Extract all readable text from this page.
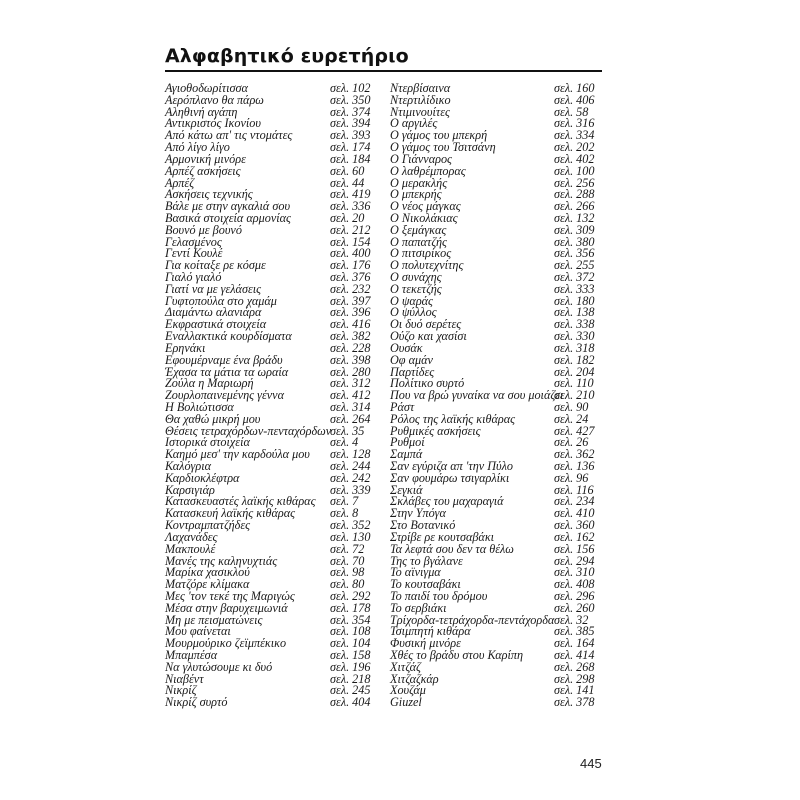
Αλφαβητικό ευρετήριο
Αγιοθοδωρίτισσα	σελ. 102
Αερόπλανο θα πάρω	σελ. 350
Αληθινή αγάπη	σελ. 374
Αντικριστός Ικονίου	σελ. 394
Από κάτω απ' τις ντομάτες	σελ. 393
Από λίγο λίγο	σελ. 174
Αρμονική μινόρε	σελ. 184
Αρπέζ ασκήσεις	σελ. 60
Αρπέζ	σελ. 44
Ασκήσεις τεχνικής	σελ. 419
Βάλε με στην αγκαλιά σου	σελ. 336
Βασικά στοιχεία αρμονίας	σελ. 20
Βουνό με βουνό	σελ. 212
Γελασμένος	σελ. 154
Γεντί Κουλέ	σελ. 400
Για κοίταξε ρε κόσμε	σελ. 176
Γιαλό γιαλό	σελ. 376
Γιατί να με γελάσεις	σελ. 232
Γυφτοπούλα στο χαμάμ	σελ. 397
Διαμάντω αλανιάρα	σελ. 396
Εκφραστικά στοιχεία	σελ. 416
Εναλλακτικά κουρδίσματα	σελ. 382
Ερηνάκι	σελ. 228
Εφουμέρναμε ένα βράδυ	σελ. 398
Έχασα τα μάτια τα ωραία	σελ. 280
Ζούλα η Μαριωρή	σελ. 312
Ζουρλοπαινεμένης γέννα	σελ. 412
Η Βολιώτισσα	σελ. 314
Θα χαθώ μικρή μου	σελ. 264
Θέσεις τετραχόρδων-πενταχόρδων
σελ. 35
Ιστορικά στοιχεία	σελ. 4
Καημό μεσ' την καρδούλα μου σελ. 128
Καλόγρια	σελ. 244
Καρδιοκλέφτρα	σελ. 242
Καρσιγιάρ	σελ. 339
Κατασκευαστές λαϊκής κιθάρας σελ. 7
Κατασκευή λαϊκής κιθάρας	σελ. 8
Κοντραμπατζήδες	σελ. 352
Λαχανάδες	σελ. 130
Μακπουλέ	σελ. 72
Μανές της καληνυχτιάς	σελ. 70
Μαρίκα χασικλού	σελ. 98
Ματζόρε κλίμακα	σελ. 80
Μες 'τον τεκέ της Μαριγώς	σελ. 292
Μέσα στην βαρυχειμωνιά	σελ. 178
Μη με πεισματώνεις	σελ. 354
Μου φαίνεται	σελ. 108
Μουρμούρικο ζεϊμπέκικο	σελ. 104
Μπαμπέσα	σελ. 158
Να γλυτώσουμε κι δυό	σελ. 196
Νιαβέντ	σελ. 218
Νικρίζ	σελ. 245
Νικρίζ συρτό	σελ. 404
Ντερβίσαινα	σελ. 160
Ντερτιλίδικο	σελ. 406
Ντιμινουίτες	σελ. 58
Ο αργιλές	σελ. 316
Ο γάμος του μπεκρή	σελ. 334
Ο γάμος του Τσιτσάνη	σελ. 202
Ο Γιάνναρος	σελ. 402
Ο λαθρέμπορας	σελ. 100
Ο μερακλής	σελ. 256
Ο μπεκρής	σελ. 288
Ο νέος μάγκας	σελ. 266
Ο Νικολάκιας	σελ. 132
Ο ξεμάγκας	σελ. 309
Ο παπατζής	σελ. 380
Ο πιτσιρίκος	σελ. 356
Ο πολυτεχνίτης	σελ. 255
Ο συνάχης	σελ. 372
Ο τεκετζής	σελ. 333
Ο ψαράς	σελ. 180
Ο ψύλλος	σελ. 138
Οι δυό σερέτες	σελ. 338
Ούζο και χασίσι	σελ. 330
Ουσάκ	σελ. 318
Οφ αμάν	σελ. 182
Παρτίδες	σελ. 204
Πολίτικο συρτό	σελ. 110
Που να βρώ γυναίκα να σου μοιάζει
σελ. 210
Ράστ	σελ. 90
Ρόλος της λαϊκής κιθάρας	σελ. 24
Ρυθμικές ασκήσεις	σελ. 427
Ρυθμοί	σελ. 26
Σαμπά	σελ. 362
Σαν εγύριζα απ 'την Πύλο	σελ. 136
Σαν φουμάρω τσιγαρλίκι	σελ. 96
Σεγκιά	σελ. 116
Σκλάβες του μαχαραγιά	σελ. 234
Στην Υπόγα	σελ. 410
Στο Βοτανικό	σελ. 360
Στρίβε ρε κουτσαβάκι	σελ. 162
Τα λεφτά σου δεν τα θέλω	σελ. 156
Της το βγάλανε	σελ. 294
Το αϊνιγμα	σελ. 310
Το κουτσαβάκι	σελ. 408
Το παιδί του δρόμου	σελ. 296
Το σερβιάκι	σελ. 260
Τρίχορδα-τετράχορδα-πεντάχορδα σελ. 32
Τσιμπητή κιθάρα	σελ. 385
Φυσική μινόρε	σελ. 164
Χθές το βράδυ στου Καρίπη	σελ. 414
Χιτζάζ	σελ. 268
Χιτζαζκάρ	σελ. 298
Χουζάμ	σελ. 141
Giuzel	σελ. 378
445
